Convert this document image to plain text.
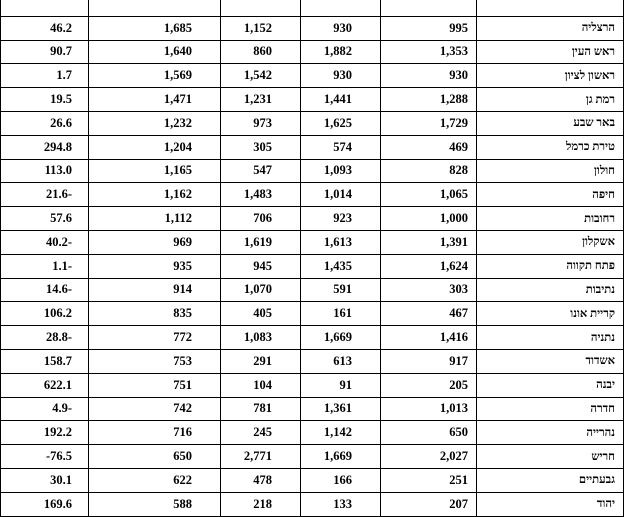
46.2	1,685	1,152	930	995	הרצליה
90.7	1,640	860	1,882	1,353	ראש העין
1.7	1,569	1,542	930	930	ראשון לציון
19.5	1,471	1,231	1,441	1,288	רמת גן
26.6	1,232	973	1,625	1,729	באר שבע
294.8	1,204	305	574	469	טירת כרמל
113.0	1,165	547	1,093	828	חולון
21.6-	1,162	1,483	1,014	1,065	חיפה
57.6	1,112	706	923	1,000	רחובות
40.2-	969	1,619	1,613	1,391	אשקלון
1.1-	935	945	1,435	1,624	פתח תקווה
14.6-	914	1,070	591	303	נתיבות
106.2	835	405	161	467	קריית אונו
28.8-	772	1,083	1,669	1,416	נתניה
158.7	753	291	613	917	אשדוד
622.1	751	104	91	205	יבנה
4.9-	742	781	1,361	1,013	חדרה
192.2	716	245	1,142	650	נהרייה
-76.5	650	2,771	1,669	2,027	חריש
30.1	622	478	166	251	גבעתיים
169.6	588	218	133	207	יהוד
